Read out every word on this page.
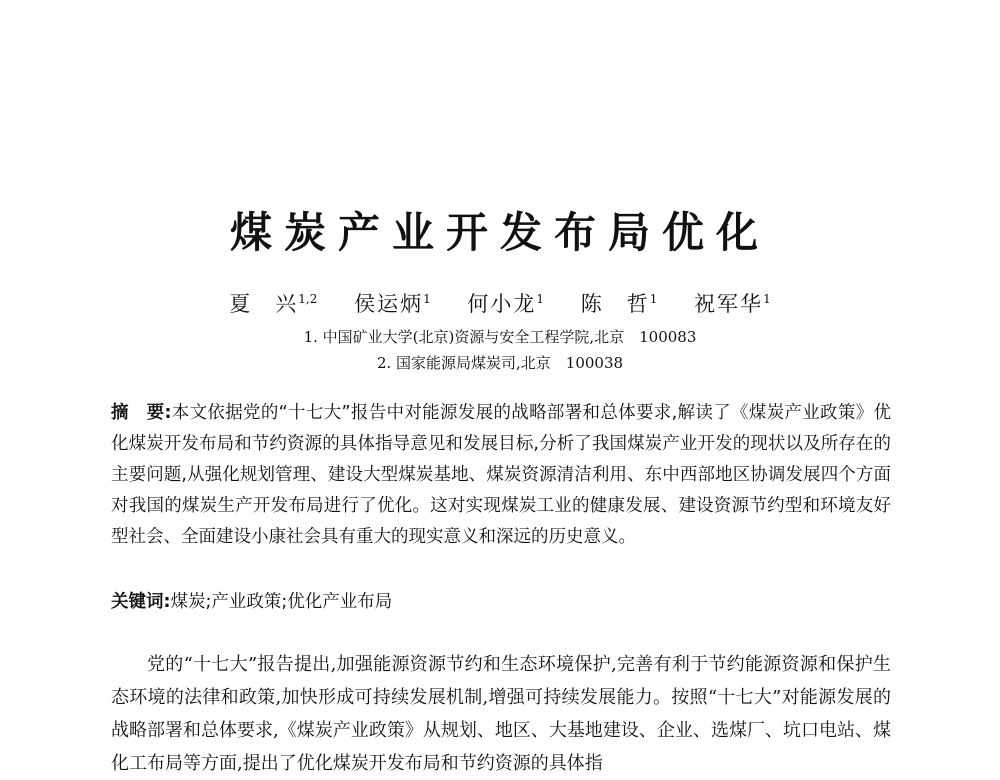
煤炭产业开发布局优化
夏　兴$^{1,2}$ 侯运炳$^1$ 何小龙$^1$ 陈　哲$^1$ 祝军华$^1$
1. 中国矿业大学(北京)资源与安全工程学院,北京　100083
2. 国家能源局煤炭司,北京　100038
摘　要:本文依据党的“十七大”报告中对能源发展的战略部署和总体要求,解读了《煤炭产业政策》优化煤炭开发布局和节约资源的具体指导意见和发展目标,分析了我国煤炭产业开发的现状以及所存在的主要问题,从强化规划管理、建设大型煤炭基地、煤炭资源清洁利用、东中西部地区协调发展四个方面对我国的煤炭生产开发布局进行了优化。这对实现煤炭工业的健康发展、建设资源节约型和环境友好型社会、全面建设小康社会具有重大的现实意义和深远的历史意义。
关键词:煤炭;产业政策;优化产业布局
党的“十七大”报告提出,加强能源资源节约和生态环境保护,完善有利于节约能源资源和保护生态环境的法律和政策,加快形成可持续发展机制,增强可持续发展能力。按照“十七大”对能源发展的战略部署和总体要求,《煤炭产业政策》从规划、地区、大基地建设、企业、选煤厂、坑口电站、煤化工布局等方面,提出了优化煤炭开发布局和节约资源的具体指
